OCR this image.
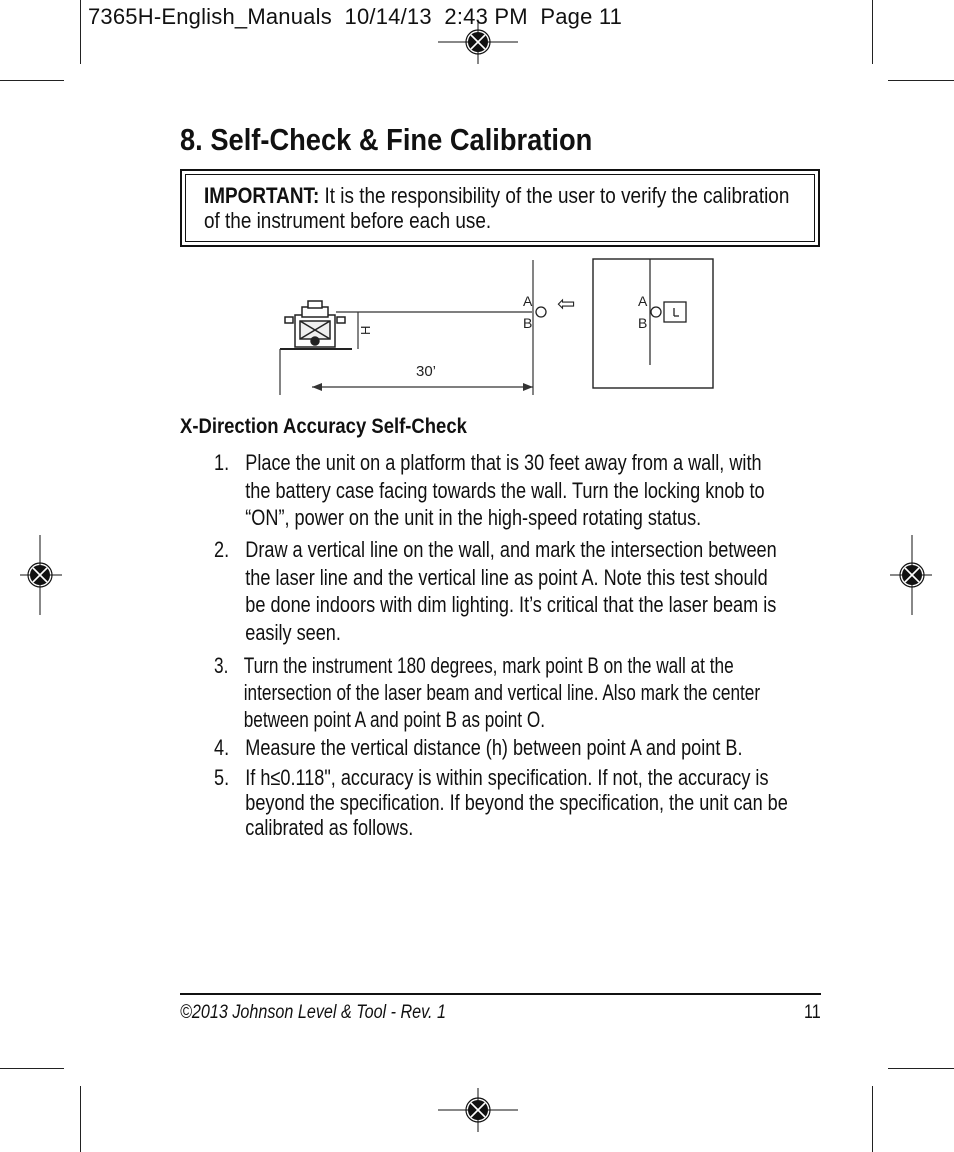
7365H-English_Manuals  10/14/13  2:43 PM  Page 11
8. Self-Check & Fine Calibration
IMPORTANT: It is the responsibility of the user to verify the calibration of the instrument before each use.
H
30’
A
B
⇦	A
B
X-Direction Accuracy Self-Check
1. Place the unit on a platform that is 30 feet away from a wall, with the battery case facing towards the wall. Turn the locking knob to “ON”, power on the unit in the high-speed rotating status.
2. Draw a vertical line on the wall, and mark the intersection between the laser line and the vertical line as point A. Note this test should be done indoors with dim lighting. It’s critical that the laser beam is easily seen.
3. Turn the instrument 180 degrees, mark point B on the wall at the intersection of the laser beam and vertical line. Also mark the center between point A and point B as point O.
4. Measure the vertical distance (h) between point A and point B.
5. If h≤0.118", accuracy is within specification. If not, the accuracy is beyond the specification. If beyond the specification, the unit can be calibrated as follows.
©2013 Johnson Level & Tool - Rev. 1	11
